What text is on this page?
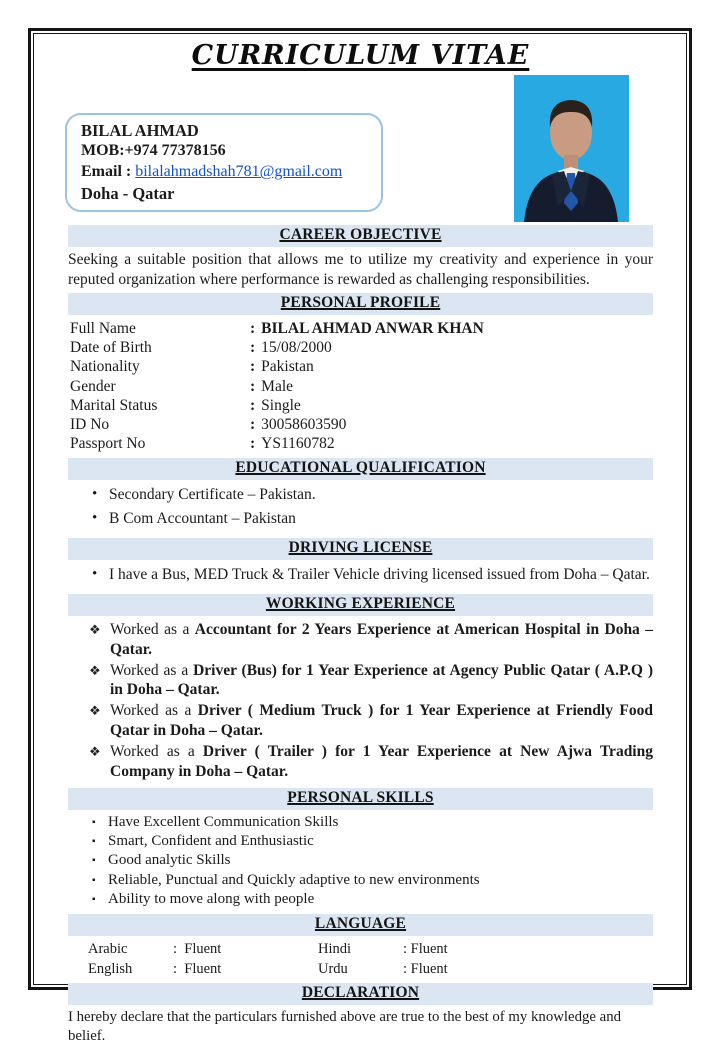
CURRICULUM VITAE
BILAL AHMAD
MOB:+974 77378156
Email : bilalahmadshah781@gmail.com
Doha - Qatar
CAREER OBJECTIVE

Seeking a suitable position that allows me to utilize my creativity and experience in your reputed organization where performance is rewarded as challenging responsibilities.

PERSONAL PROFILE
Full Name	: BILAL AHMAD ANWAR KHAN
Date of Birth	: 15/08/2000
Nationality	: Pakistan
Gender	: Male
Marital Status	: Single
ID No	: 30058603590
Passport No	: YS1160782
EDUCATIONAL QUALIFICATION
• Secondary Certificate – Pakistan.
• B Com Accountant – Pakistan
DRIVING LICENSE
• I have a Bus, MED Truck & Trailer Vehicle driving licensed issued from Doha – Qatar.
WORKING EXPERIENCE
❖ Worked as a Accountant for 2 Years Experience at American Hospital in Doha – Qatar.
❖ Worked as a Driver (Bus) for 1 Year Experience at Agency Public Qatar ( A.P.Q ) in Doha – Qatar.
❖ Worked as a Driver ( Medium Truck ) for 1 Year Experience at Friendly Food Qatar in Doha – Qatar.
❖ Worked as a Driver ( Trailer ) for 1 Year Experience at New Ajwa Trading Company in Doha – Qatar.
PERSONAL SKILLS
▪ Have Excellent Communication Skills
▪ Smart, Confident and Enthusiastic
▪ Good analytic Skills
▪ Reliable, Punctual and Quickly adaptive to new environments
▪ Ability to move along with people
LANGUAGE
Arabic	: Fluent	Hindi	: Fluent
English	: Fluent	Urdu	: Fluent
DECLARATION

I hereby declare that the particulars furnished above are true to the best of my knowledge and belief.
